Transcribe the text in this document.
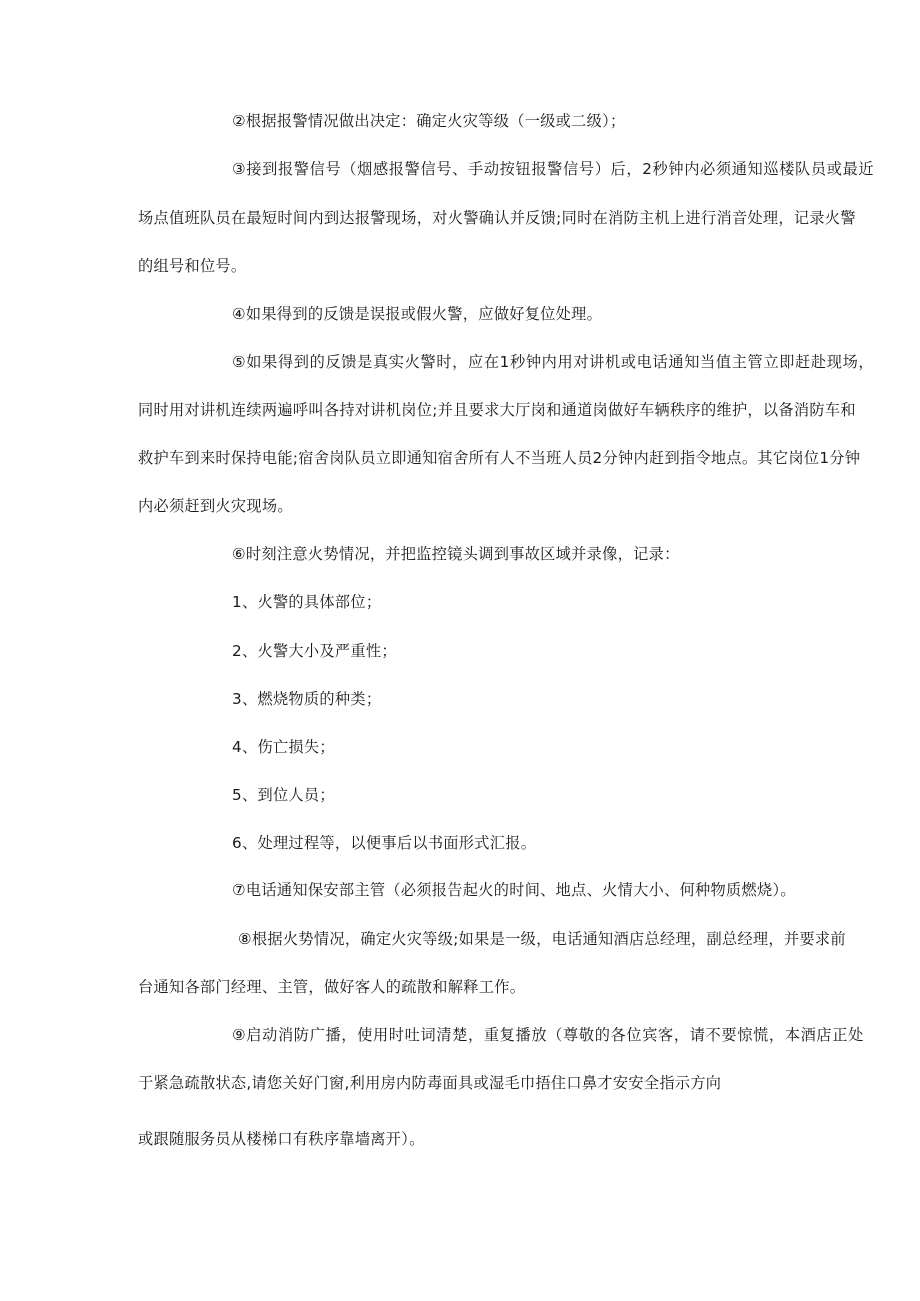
②根据报警情况做出决定：确定火灾等级（一级或二级）；
③接到报警信号（烟感报警信号、手动按钮报警信号）后，2秒钟内必须通知巡楼队员或最近
场点值班队员在最短时间内到达报警现场，对火警确认并反馈;同时在消防主机上进行消音处理，记录火警
的组号和位号。
④如果得到的反馈是误报或假火警，应做好复位处理。
⑤如果得到的反馈是真实火警时，应在1秒钟内用对讲机或电话通知当值主管立即赶赴现场，
同时用对讲机连续两遍呼叫各持对讲机岗位;并且要求大厅岗和通道岗做好车辆秩序的维护，以备消防车和
救护车到来时保持电能;宿舍岗队员立即通知宿舍所有人不当班人员2分钟内赶到指令地点。其它岗位1分钟
内必须赶到火灾现场。
⑥时刻注意火势情况，并把监控镜头调到事故区域并录像，记录：
1、火警的具体部位；
2、火警大小及严重性；
3、燃烧物质的种类；
4、伤亡损失；
5、到位人员；
6、处理过程等，以便事后以书面形式汇报。
⑦电话通知保安部主管（必须报告起火的时间、地点、火情大小、何种物质燃烧）。
⑧根据火势情况，确定火灾等级;如果是一级，电话通知酒店总经理，副总经理，并要求前
台通知各部门经理、主管，做好客人的疏散和解释工作。
⑨启动消防广播，使用时吐词清楚，重复播放（尊敬的各位宾客，请不要惊慌，本酒店正处
于紧急疏散状态,请您关好门窗,利用房内防毒面具或湿毛巾捂住口鼻才安安全指示方向
或跟随服务员从楼梯口有秩序靠墙离开）。
